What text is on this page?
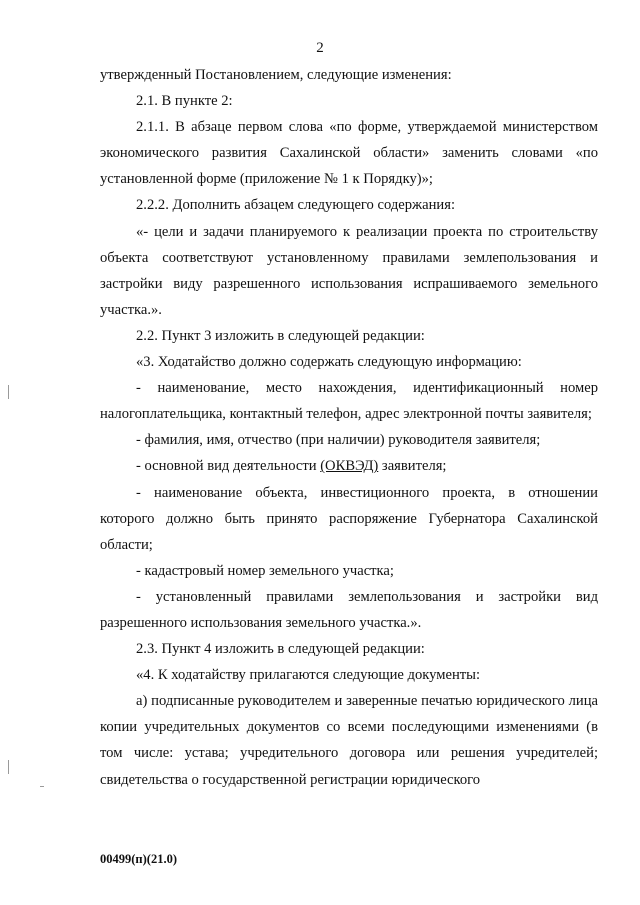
2

утвержденный Постановлением, следующие изменения:

2.1. В пункте 2:

2.1.1. В абзаце первом слова «по форме, утверждаемой министерством экономического развития Сахалинской области» заменить словами «по установленной форме (приложение № 1 к Порядку)»;

2.2.2. Дополнить абзацем следующего содержания:

«- цели и задачи планируемого к реализации проекта по строительству объекта соответствуют установленному правилами землепользования и застройки виду разрешенного использования испрашиваемого земельного участка.».

2.2. Пункт 3 изложить в следующей редакции:

«3. Ходатайство должно содержать следующую информацию:

- наименование, место нахождения, идентификационный номер налогоплательщика, контактный телефон, адрес электронной почты заявителя;

- фамилия, имя, отчество (при наличии) руководителя заявителя;

- основной вид деятельности (ОКВЭД) заявителя;

- наименование объекта, инвестиционного проекта, в отношении которого должно быть принято распоряжение Губернатора Сахалинской области;

- кадастровый номер земельного участка;

- установленный правилами землепользования и застройки вид разрешенного использования земельного участка.».

2.3. Пункт 4 изложить в следующей редакции:

«4. К ходатайству прилагаются следующие документы:

а) подписанные руководителем и заверенные печатью юридического лица копии учредительных документов со всеми последующими изменениями (в том числе: устава; учредительного договора или решения учредителей; свидетельства о государственной регистрации юридического

00499(п)(21.0)
